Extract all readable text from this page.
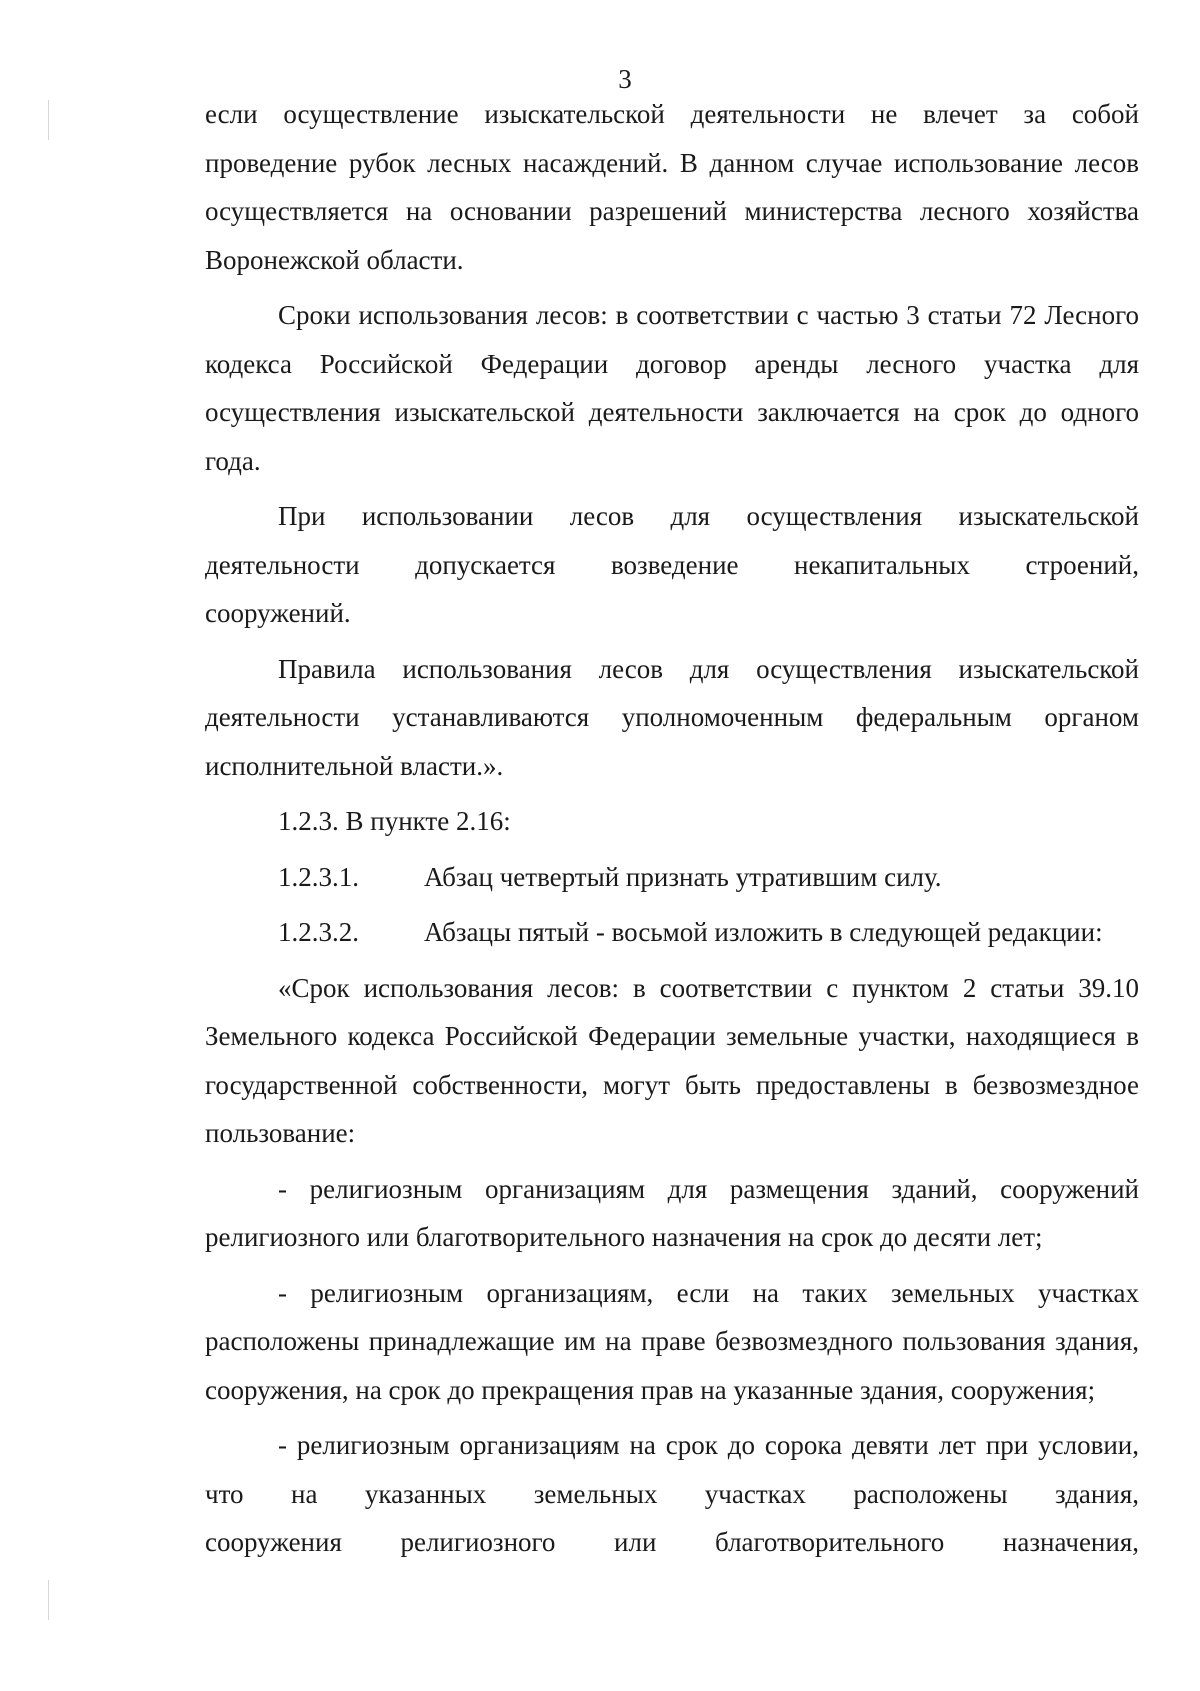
3

если осуществление изыскательской деятельности не влечет за собой проведение рубок лесных насаждений. В данном случае использование лесов осуществляется на основании разрешений министерства лесного хозяйства Воронежской области.

Сроки использования лесов: в соответствии с частью 3 статьи 72 Лесного кодекса Российской Федерации договор аренды лесного участка для осуществления изыскательской деятельности заключается на срок до одного года.

При использовании лесов для осуществления изыскательской

деятельности допускается возведение некапитальных строений,

сооружений.

Правила использования лесов для осуществления изыскательской деятельности устанавливаются уполномоченным федеральным органом исполнительной власти.».

1.2.3. В пункте 2.16:

1.2.3.1.	Абзац четвертый признать утратившим силу.
1.2.3.2.	Абзацы пятый - восьмой изложить в следующей редакции:

«Срок использования лесов: в соответствии с пунктом 2 статьи 39.10 Земельного кодекса Российской Федерации земельные участки, находящиеся в государственной собственности, могут быть предоставлены в безвозмездное пользование:

- религиозным организациям для размещения зданий, сооружений религиозного или благотворительного назначения на срок до десяти лет;

- религиозным организациям, если на таких земельных участках расположены принадлежащие им на праве безвозмездного пользования здания, сооружения, на срок до прекращения прав на указанные здания, сооружения;

- религиозным организациям на срок до сорока девяти лет при условии, что на указанных земельных участках расположены здания,

сооружения религиозного или благотворительного назначения,
